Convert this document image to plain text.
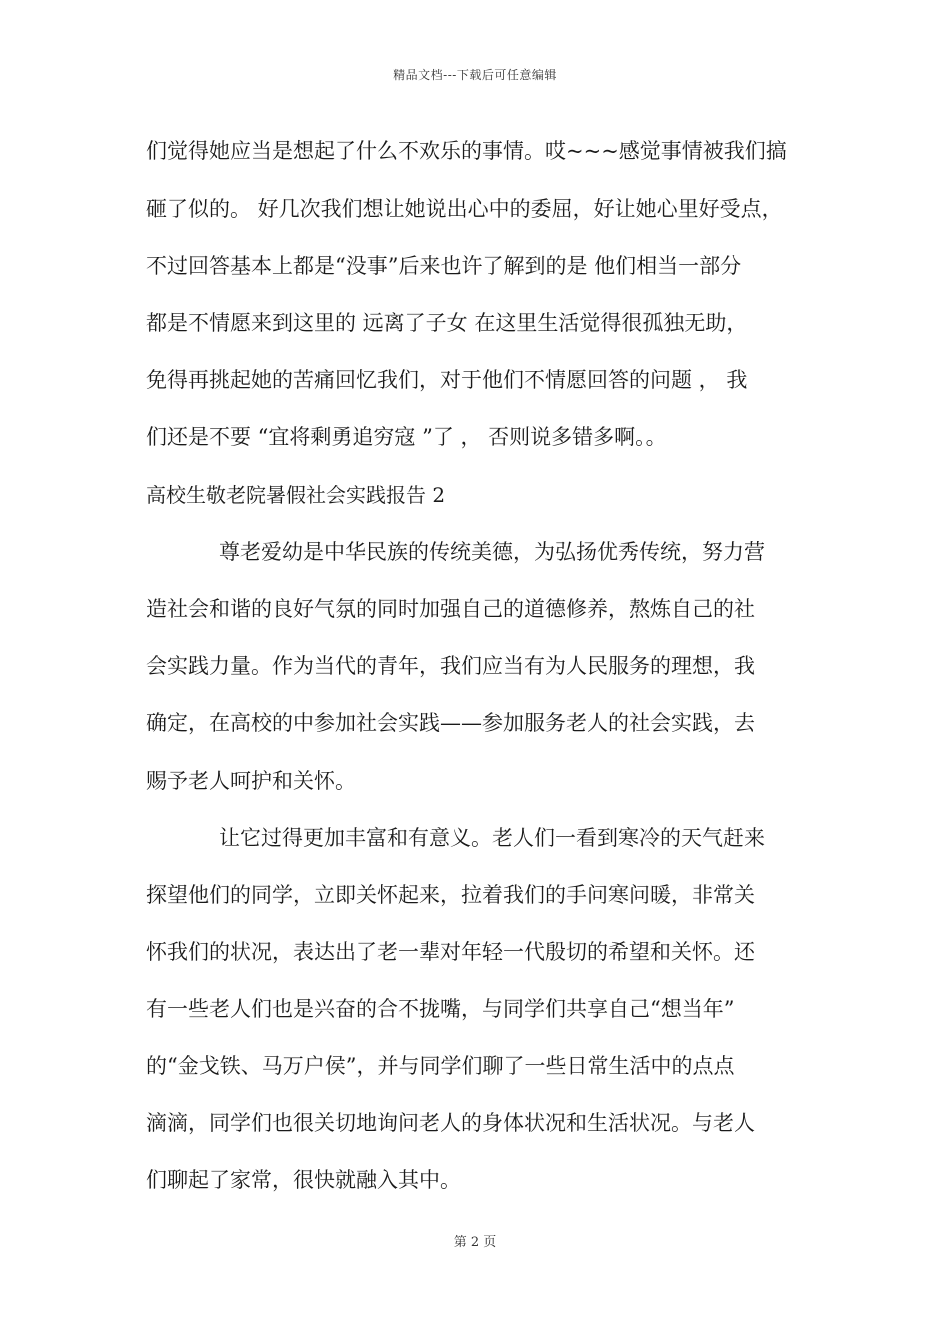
精品文档---下载后可任意编辑
们觉得她应当是想起了什么不欢乐的事情。哎~~~感觉事情被我们搞
砸了似的。 好几次我们想让她说出心中的委屈，好让她心里好受点，
不过回答基本上都是“没事”后来也许了解到的是 他们相当一部分
都是不情愿来到这里的 远离了子女 在这里生活觉得很孤独无助，
免得再挑起她的苦痛回忆我们，对于他们不情愿回答的问题 ， 我
们还是不要 “宜将剩勇追穷寇 ”了 ， 否则说多错多啊。。
高校生敬老院暑假社会实践报告 2
尊老爱幼是中华民族的传统美德，为弘扬优秀传统，努力营
造社会和谐的良好气氛的同时加强自己的道德修养，熬炼自己的社
会实践力量。作为当代的青年，我们应当有为人民服务的理想，我
确定，在高校的中参加社会实践——参加服务老人的社会实践，去
赐予老人呵护和关怀。
让它过得更加丰富和有意义。老人们一看到寒冷的天气赶来
探望他们的同学，立即关怀起来，拉着我们的手问寒问暖，非常关
怀我们的状况，表达出了老一辈对年轻一代殷切的希望和关怀。还
有一些老人们也是兴奋的合不拢嘴，与同学们共享自己“想当年”
的“金戈铁、马万户侯”，并与同学们聊了一些日常生活中的点点
滴滴，同学们也很关切地询问老人的身体状况和生活状况。与老人
们聊起了家常，很快就融入其中。
第 2 页
